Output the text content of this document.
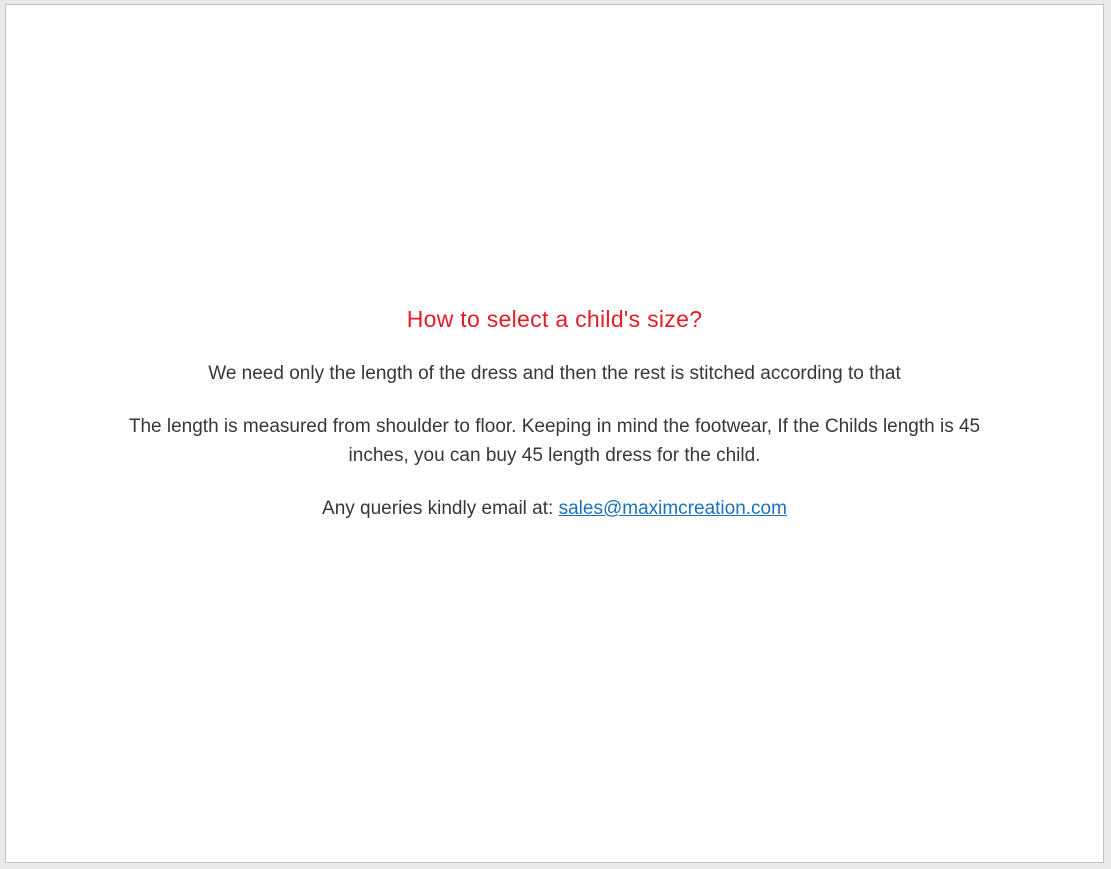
How to select a child's size?

We need only the length of the dress and then the rest is stitched according to that

The length is measured from shoulder to floor. Keeping in mind the footwear, If the Childs length is 45 inches, you can buy 45 length dress for the child.

Any queries kindly email at: sales@maximcreation.com
